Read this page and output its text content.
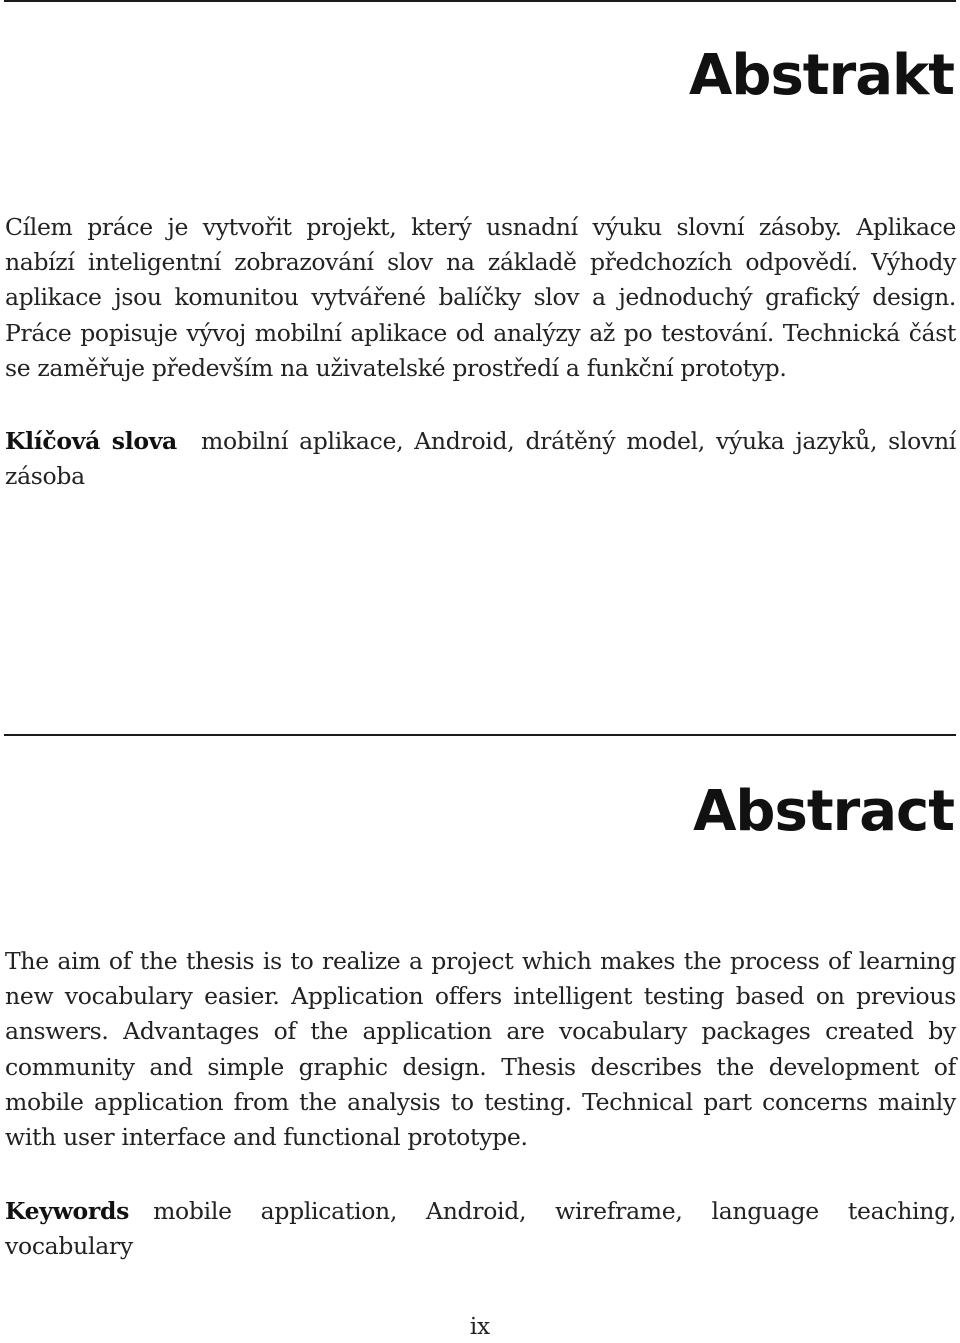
Abstrakt

Cílem práce je vytvořit projekt, který usnadní výuku slovní zásoby. Aplikace nabízí inteligentní zobrazování slov na základě předchozích odpovědí. Výhody aplikace jsou komunitou vytvářené balíčky slov a jednoduchý grafický design. Práce popisuje vývoj mobilní aplikace od analýzy až po testování. Technická část se zaměřuje především na uživatelské prostředí a funkční prototyp.

Klíčová slova mobilní aplikace, Android, drátěný model, výuka jazyků, slovní zásoba

Abstract

The aim of the thesis is to realize a project which makes the process of learning new vocabulary easier. Application offers intelligent testing based on previous answers. Advantages of the application are vocabulary packages created by community and simple graphic design. Thesis describes the development of mobile application from the analysis to testing. Technical part concerns mainly with user interface and functional prototype.

Keywords mobile application, Android, wireframe, language teaching, vocabulary

ix
